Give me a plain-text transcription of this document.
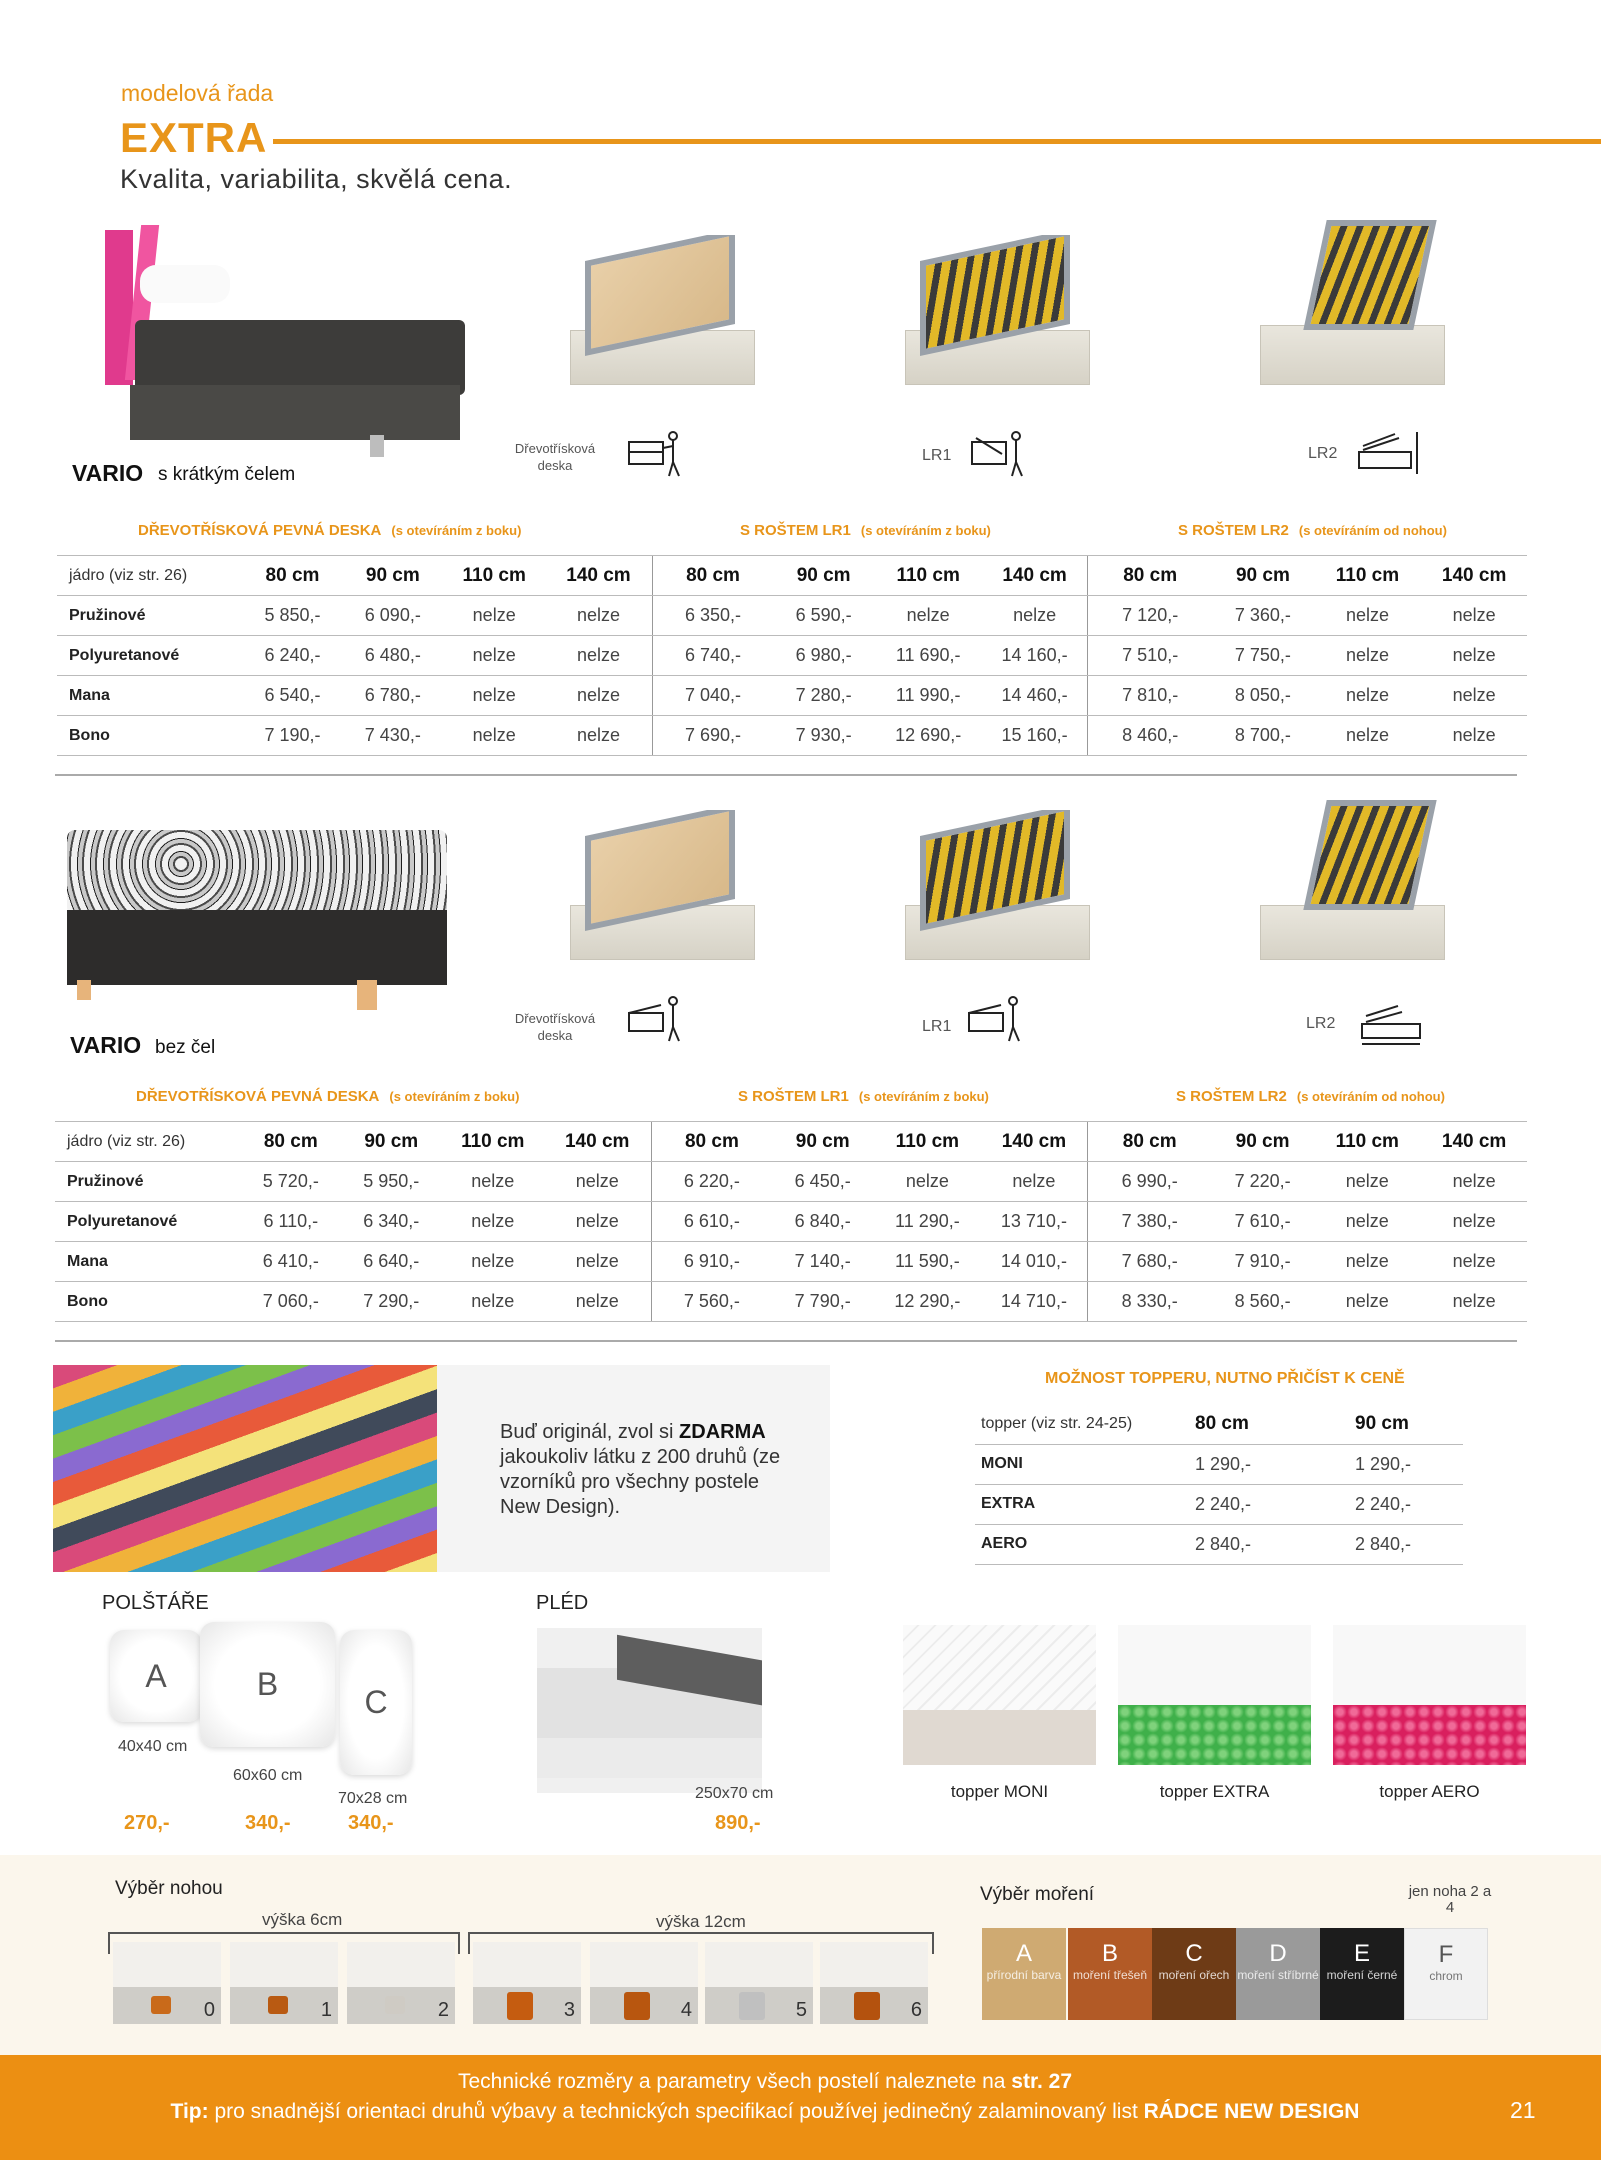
modelová řada
EXTRA
Kvalita, variabilita, skvělá cena.
VARIO s krátkým čelem
Dřevotřísková deska
LR1	LR2
DŘEVOTŘÍSKOVÁ PEVNÁ DESKA (s otevíráním z boku)	S ROŠTEM LR1 (s otevíráním z boku)	S ROŠTEM LR2 (s otevíráním od nohou)
jádro (viz str. 26)	80 cm	90 cm	110 cm	140 cm	80 cm	90 cm	110 cm	140 cm	80 cm	90 cm	110 cm	140 cm
Pružinové	5 850,-	6 090,-	nelze	nelze	6 350,-	6 590,-	nelze	nelze	7 120,-	7 360,-	nelze	nelze
Polyuretanové	6 240,-	6 480,-	nelze	nelze	6 740,-	6 980,-	11 690,-	14 160,-	7 510,-	7 750,-	nelze	nelze
Mana	6 540,-	6 780,-	nelze	nelze	7 040,-	7 280,-	11 990,-	14 460,-	7 810,-	8 050,-	nelze	nelze
Bono	7 190,-	7 430,-	nelze	nelze	7 690,-	7 930,-	12 690,-	15 160,-	8 460,-	8 700,-	nelze	nelze
VARIO bez čel
Dřevotřísková deska
LR1	LR2
DŘEVOTŘÍSKOVÁ PEVNÁ DESKA (s otevíráním z boku)	S ROŠTEM LR1 (s otevíráním z boku)	S ROŠTEM LR2 (s otevíráním od nohou)
jádro (viz str. 26)	80 cm	90 cm	110 cm	140 cm	80 cm	90 cm	110 cm	140 cm	80 cm	90 cm	110 cm	140 cm
Pružinové	5 720,-	5 950,-	nelze	nelze	6 220,-	6 450,-	nelze	nelze	6 990,-	7 220,-	nelze	nelze
Polyuretanové	6 110,-	6 340,-	nelze	nelze	6 610,-	6 840,-	11 290,-	13 710,-	7 380,-	7 610,-	nelze	nelze
Mana	6 410,-	6 640,-	nelze	nelze	6 910,-	7 140,-	11 590,-	14 010,-	7 680,-	7 910,-	nelze	nelze
Bono	7 060,-	7 290,-	nelze	nelze	7 560,-	7 790,-	12 290,-	14 710,-	8 330,-	8 560,-	nelze	nelze
Buď originál, zvol si ZDARMA jakoukoliv látku z 200 druhů (ze vzorníků pro všechny postele New Design).
MOŽNOST TOPPERU, NUTNO PŘIČÍST K CENĚ
topper (viz str. 24-25)	80 cm	90 cm
MONI	1 290,-	1 290,-
EXTRA	2 240,-	2 240,-
AERO	2 840,-	2 840,-
POLŠTÁŘE
A	B	C
40x40 cm
60x60 cm
70x28 cm
270,-	340,-	340,-
PLÉD
250x70 cm
890,-
topper MONI	topper EXTRA	topper AERO
Výběr nohou
výška 6cm	výška 12cm
0	1	2	3	4	5	6
Výběr moření	jen noha 2 a 4
A
přírodní barva
B
moření třešeň
C
moření ořech
D
moření stříbrné
E
moření černé
F
chrom
Technické rozměry a parametry všech postelí naleznete na str. 27
Tip: pro snadnější orientaci druhů výbavy a technických specifikací používej jedinečný zalaminovaný list RÁDCE NEW DESIGN	21
